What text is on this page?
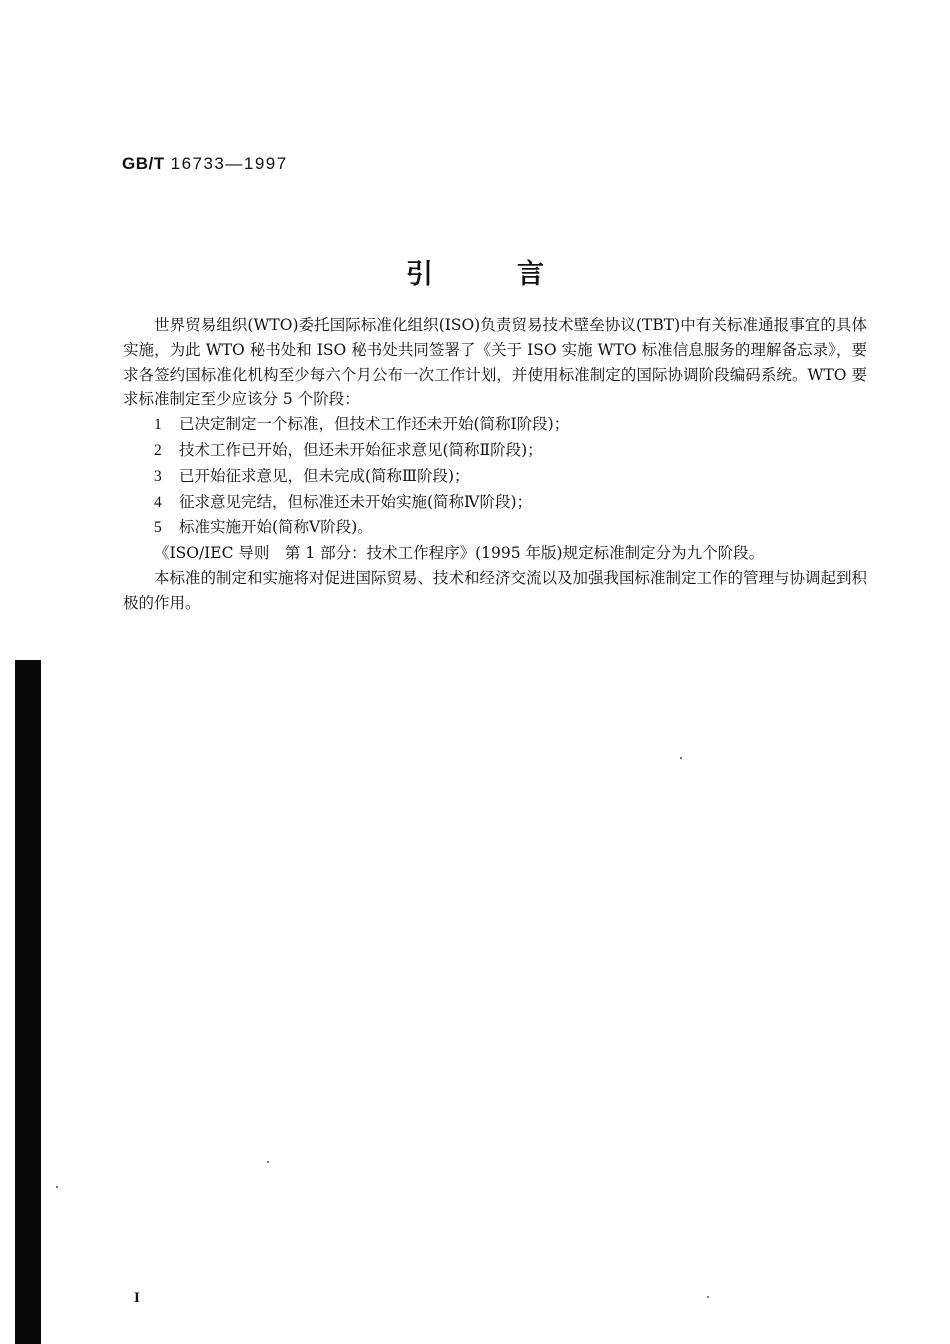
GB/T 16733—1997
引	言

世界贸易组织(WTO)委托国际标准化组织(ISO)负责贸易技术壁垒协议(TBT)中有关标准通报事宜的具体实施，为此 WTO 秘书处和 ISO 秘书处共同签署了《关于 ISO 实施 WTO 标准信息服务的理解备忘录》，要求各签约国标准化机构至少每六个月公布一次工作计划，并使用标准制定的国际协调阶段编码系统。WTO 要求标准制定至少应该分 5 个阶段：

1 已决定制定一个标准，但技术工作还未开始(简称Ⅰ阶段)；

2 技术工作已开始，但还未开始征求意见(简称Ⅱ阶段)；

3 已开始征求意见，但未完成(简称Ⅲ阶段)；

4 征求意见完结，但标准还未开始实施(简称Ⅳ阶段)；

5 标准实施开始(简称Ⅴ阶段)。

《ISO/IEC 导则　第 1 部分：技术工作程序》(1995 年版)规定标准制定分为九个阶段。

本标准的制定和实施将对促进国际贸易、技术和经济交流以及加强我国标准制定工作的管理与协调起到积极的作用。

I
